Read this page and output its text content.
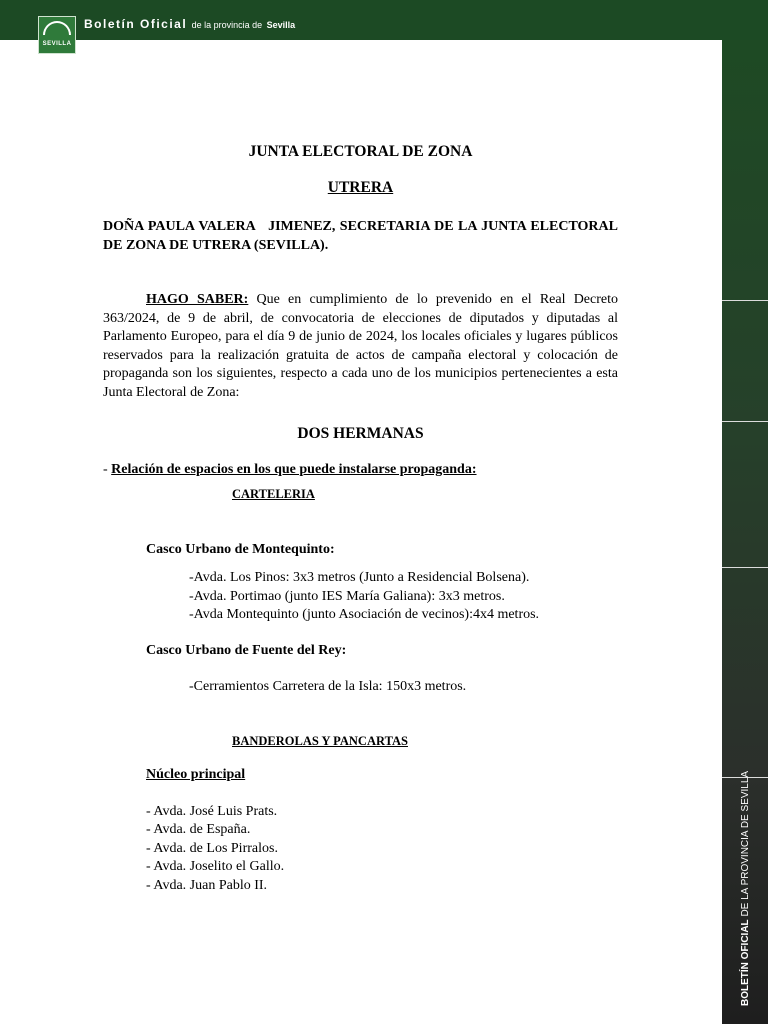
SEVILLA
Boletín Oficial de la provincia de Sevilla
BOLETÍN OFICIAL DE LA PROVINCIA DE SEVILLA

JUNTA ELECTORAL DE ZONA

UTRERA

DOÑA PAULA VALERA   JIMENEZ, SECRETARIA DE LA JUNTA ELECTORAL DE ZONA DE UTRERA (SEVILLA).

HAGO SABER: Que en cumplimiento de lo prevenido en el Real Decreto 363/2024, de 9 de abril, de convocatoria de elecciones de diputados y diputadas al Parlamento Europeo, para el día 9 de junio de 2024, los locales oficiales y lugares públicos reservados para la realización gratuita de actos de campaña electoral y colocación de propaganda son los siguientes, respecto a cada uno de los municipios pertenecientes a esta Junta Electoral de Zona:

DOS HERMANAS

- Relación de espacios en los que puede instalarse propaganda:

CARTELERIA

Casco Urbano de Montequinto:

-Avda. Los Pinos: 3x3 metros (Junto a Residencial Bolsena).

-Avda. Portimao (junto IES María Galiana): 3x3 metros.

-Avda Montequinto (junto Asociación de vecinos):4x4 metros.

Casco Urbano de Fuente del Rey:

-Cerramientos Carretera de la Isla: 150x3 metros.

BANDEROLAS Y PANCARTAS

Núcleo principal

- Avda. José Luis Prats.

- Avda. de España.

- Avda. de Los Pirralos.

- Avda. Joselito el Gallo.

- Avda. Juan Pablo II.
